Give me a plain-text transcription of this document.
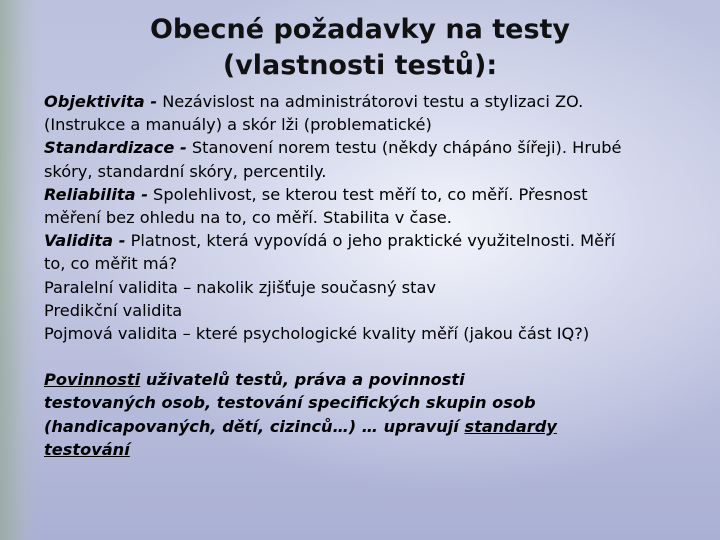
Obecné požadavky na testy
(vlastnosti testů):
Objektivita - Nezávislost na administrátorovi testu a stylizaci ZO.
(Instrukce a manuály) a skór lži (problematické)
Standardizace - Stanovení norem testu (někdy chápáno šířeji). Hrubé
skóry, standardní skóry, percentily.
Reliabilita - Spolehlivost, se kterou test měří to, co měří. Přesnost
měření bez ohledu na to, co měří. Stabilita v čase.
Validita - Platnost, která vypovídá o jeho praktické využitelnosti. Měří
to, co měřit má?
Paralelní validita – nakolik zjišťuje současný stav
Predikční validita
Pojmová validita – které psychologické kvality měří (jakou část IQ?)
Povinnosti uživatelů testů, práva a povinnosti
testovaných osob, testování specifických skupin osob
(handicapovaných, dětí, cizinců…) … upravují standardy
testování
